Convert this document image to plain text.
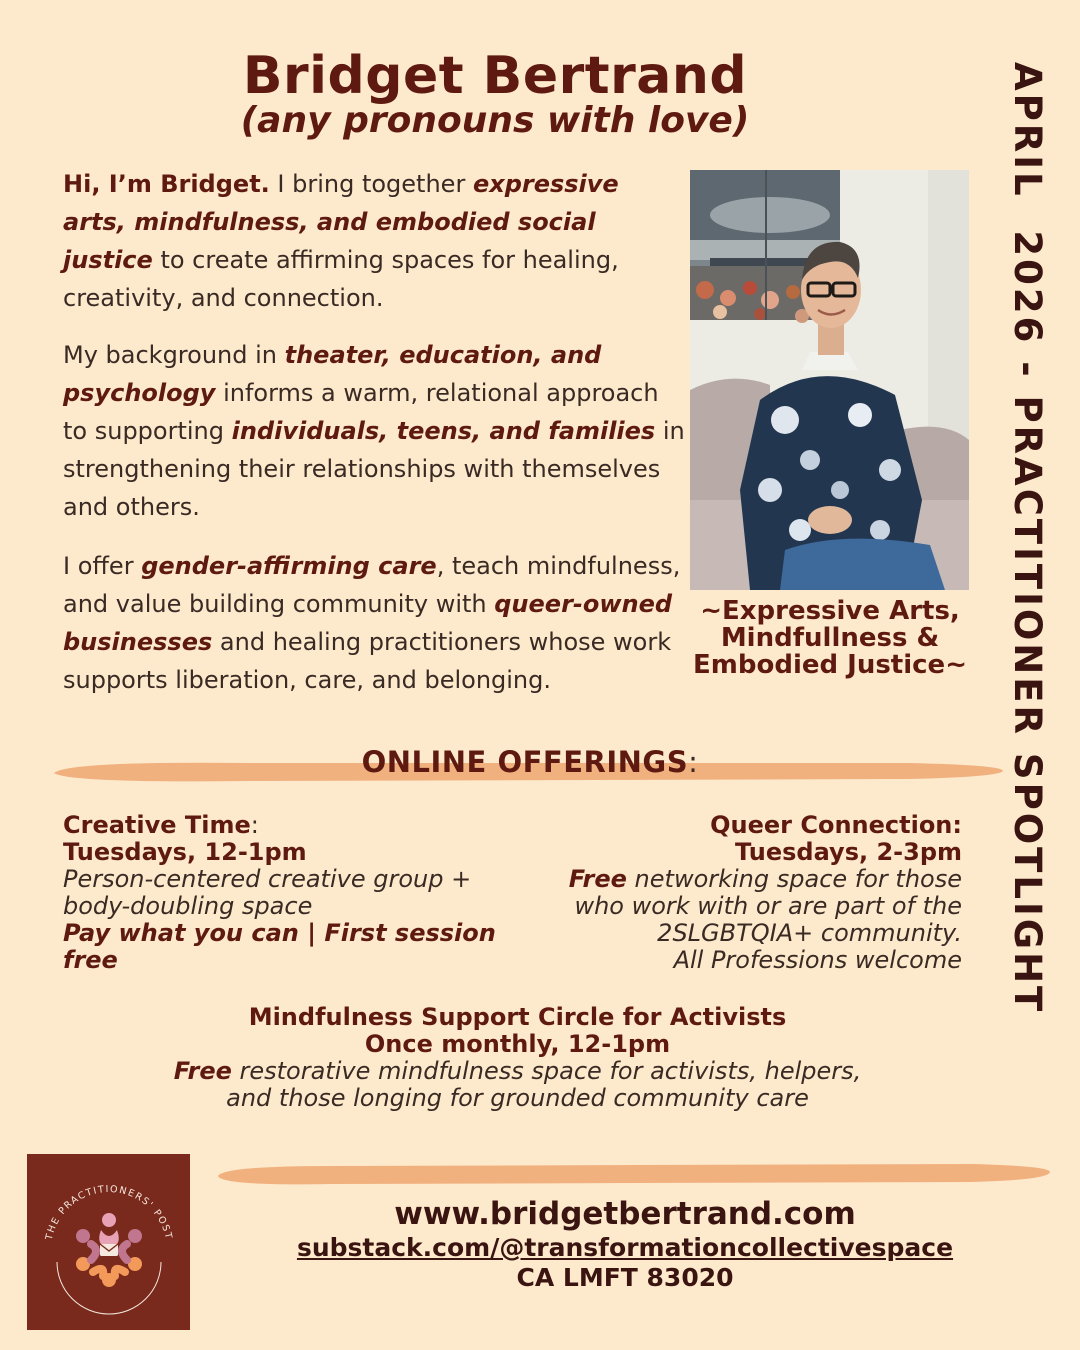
Bridget Bertrand
(any pronouns with love)	APRIL  2026 - PRACTITIONER SPOTLIGHT
Hi, I’m Bridget. I bring together expressive arts, mindfulness, and embodied social justice to create affirming spaces for healing, creativity, and connection.
My background in theater, education, and psychology informs a warm, relational approach to supporting individuals, teens, and families in strengthening their relationships with themselves and others.
I offer gender-affirming care, teach mindfulness, and value building community with queer-owned businesses and healing practitioners whose work supports liberation, care, and belonging.
~Expressive Arts, Mindfullness & Embodied Justice~
ONLINE OFFERINGS:
Creative Time:
Tuesdays, 12-1pm
Person-centered creative group + body-doubling space
Pay what you can | First session free
Queer Connection:
Tuesdays, 2-3pm
Free networking space for those who work with or are part of the 2SLGBTQIA+ community.
All Professions welcome
Mindfulness Support Circle for Activists
Once monthly, 12-1pm
Free restorative mindfulness space for activists, helpers, and those longing for grounded community care
THE PRACTITIONERS' POST
www.bridgetbertrand.com
substack.com/@transformationcollectivespace
CA LMFT 83020
